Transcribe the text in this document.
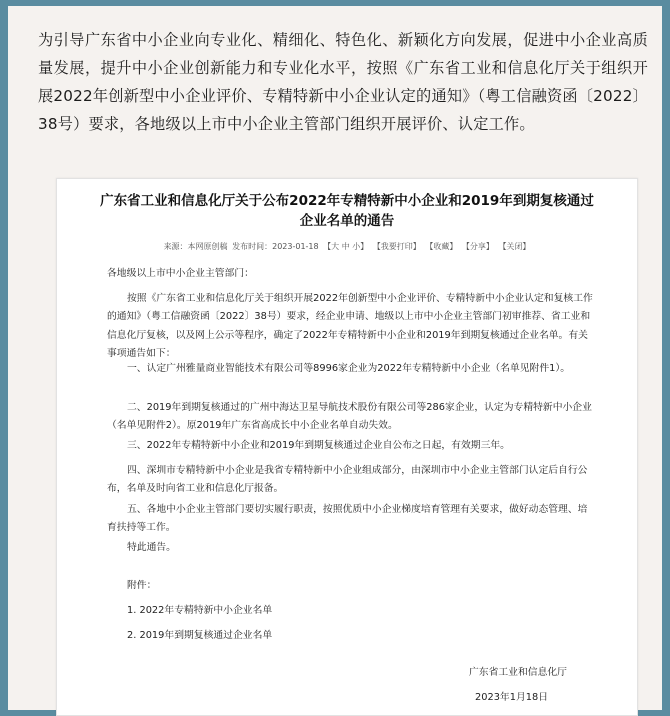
为引导广东省中小企业向专业化、精细化、特色化、新颖化方向发展，促进中小企业高质量发展，提升中小企业创新能力和专业化水平，按照《广东省工业和信息化厅关于组织开展2022年创新型中小企业评价、专精特新中小企业认定的通知》（粤工信融资函〔2022〕38号）要求，各地级以上市中小企业主管部门组织开展评价、认定工作。

广东省工业和信息化厅关于公布2022年专精特新中小企业和2019年到期复核通过
企业名单的通告
来源：本网原创稿 发布时间：2023-01-18 【大 中 小】 【我要打印】 【收藏】 【分享】 【关闭】

各地级以上市中小企业主管部门：

按照《广东省工业和信息化厅关于组织开展2022年创新型中小企业评价、专精特新中小企业认定和复核工作的通知》（粤工信融资函〔2022〕38号）要求，经企业申请、地级以上市中小企业主管部门初审推荐、省工业和信息化厅复核，以及网上公示等程序，确定了2022年专精特新中小企业和2019年到期复核通过企业名单。有关事项通告如下：

一、认定广州雅量商业智能技术有限公司等8996家企业为2022年专精特新中小企业（名单见附件1）。

二、2019年到期复核通过的广州中海达卫星导航技术股份有限公司等286家企业，认定为专精特新中小企业（名单见附件2）。原2019年广东省高成长中小企业名单自动失效。

三、2022年专精特新中小企业和2019年到期复核通过企业自公布之日起，有效期三年。

四、深圳市专精特新中小企业是我省专精特新中小企业组成部分，由深圳市中小企业主管部门认定后自行公布，名单及时向省工业和信息化厅报备。

五、各地中小企业主管部门要切实履行职责，按照优质中小企业梯度培育管理有关要求，做好动态管理、培育扶持等工作。

特此通告。

附件：

1. 2022年专精特新中小企业名单

2. 2019年到期复核通过企业名单

广东省工业和信息化厅
2023年1月18日
